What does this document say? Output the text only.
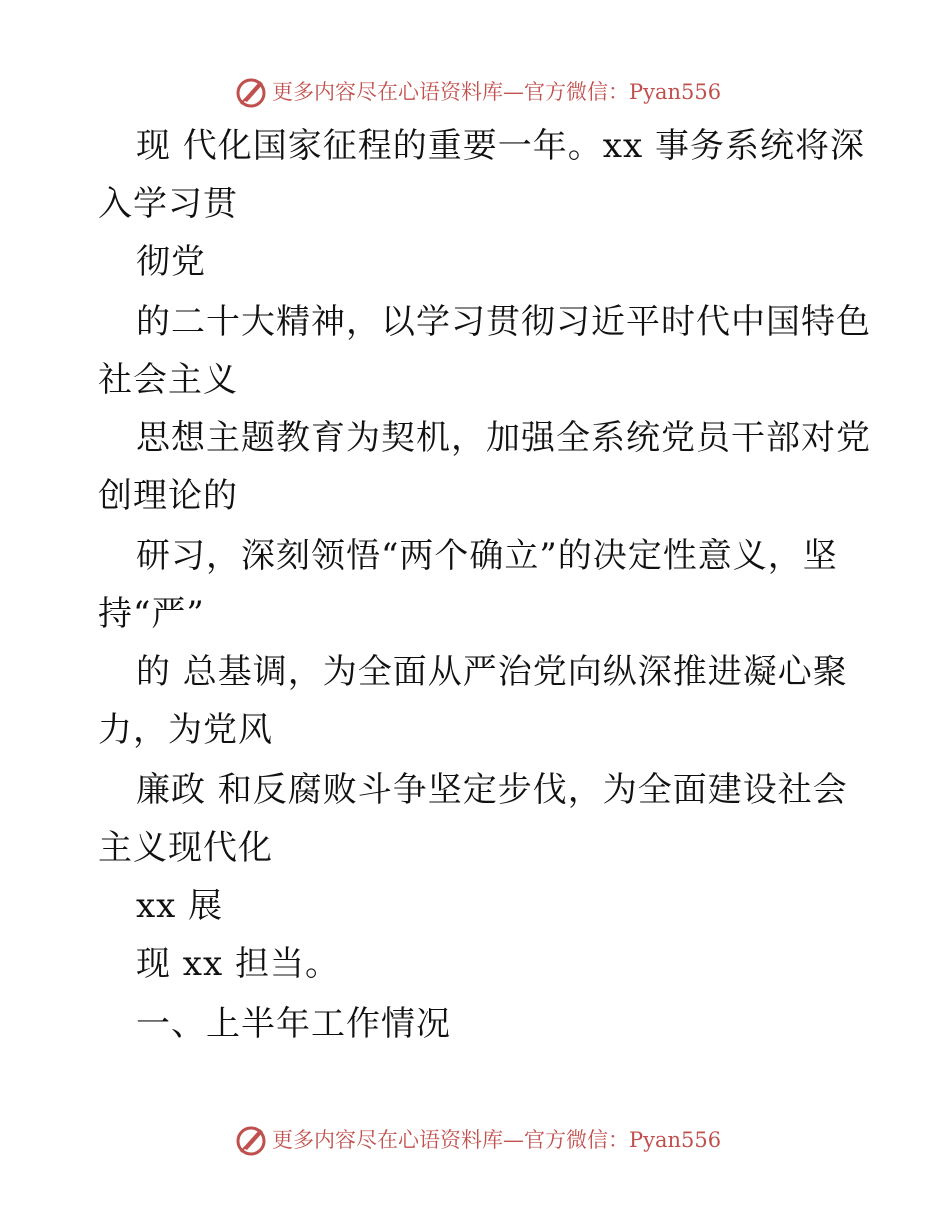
更多内容尽在心语资料库—官方微信：Pyan556
现 代化国家征程的重要一年。xx 事务系统将深
入学习贯
彻党
的二十大精神，以学习贯彻习近平时代中国特色
社会主义
思想主题教育为契机，加强全系统党员干部对党
创理论的
研习，深刻领悟“两个确立”的决定性意义，坚
持“严”
的 总基调，为全面从严治党向纵深推进凝心聚
力，为党风
廉政 和反腐败斗争坚定步伐，为全面建设社会
主义现代化
xx 展
现 xx 担当。
一、上半年工作情况
更多内容尽在心语资料库—官方微信：Pyan556
